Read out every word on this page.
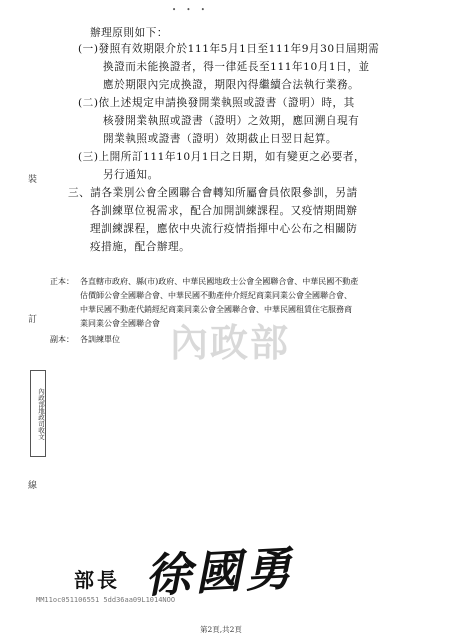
• • •
裝
訂
內政部地政司收文
線
內政部
辦理原則如下：
(一)發照有效期限介於111年5月1日至111年9月30日屆期需
換證而未能換證者，得一律延長至111年10月1日，並
應於期限內完成換證，期限內得繼續合法執行業務。
(二)依上述規定申請換發開業執照或證書（證明）時，其
核發開業執照或證書（證明）之效期，應回溯自現有
開業執照或證書（證明）效期截止日翌日起算。
(三)上開所訂111年10月1日之日期，如有變更之必要者，
另行通知。
三、請各業別公會全國聯合會轉知所屬會員依限參訓，另請
各訓練單位視需求，配合加開訓練課程。又疫情期間辦
理訓練課程，應依中央流行疫情指揮中心公布之相關防
疫措施，配合辦理。
正本： 各直轄市政府、縣(市)政府、中華民國地政士公會全國聯合會、中華民國不動產
估價師公會全國聯合會、中華民國不動產仲介經紀商業同業公會全國聯合會、
中華民國不動產代銷經紀商業同業公會全國聯合會、中華民國租賃住宅服務商
業同業公會全國聯合會
副本： 各訓練單位
部長 徐國勇
MM11oc051106551 5dd36aa09L1014NOO
第2頁,共2頁
